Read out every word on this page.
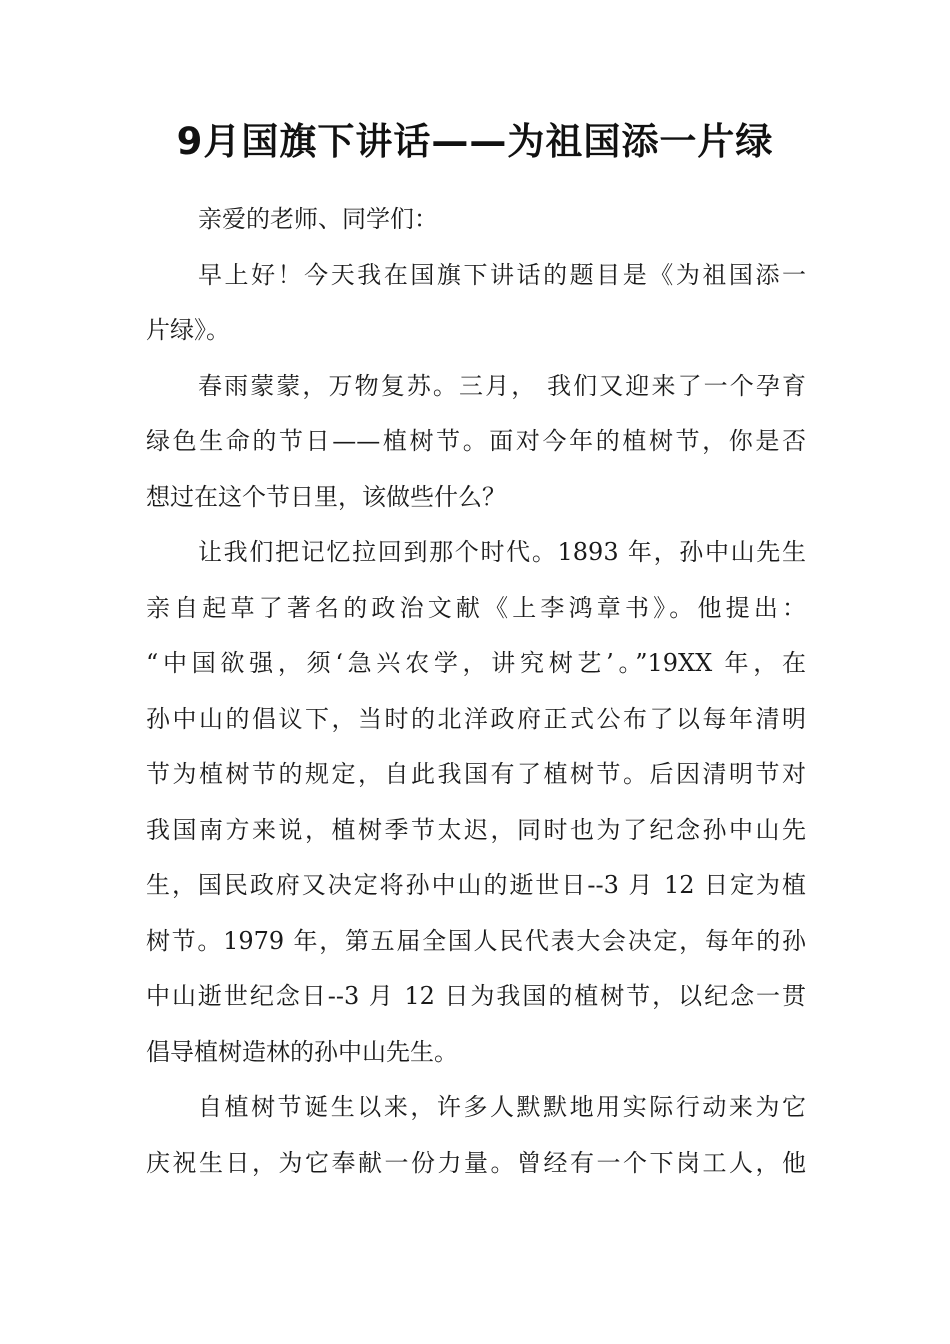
9月国旗下讲话——为祖国添一片绿

亲爱的老师、同学们：

早上好！今天我在国旗下讲话的题目是《为祖国添一
片绿》。

春雨蒙蒙，万物复苏。三月， 我们又迎来了一个孕育
绿色生命的节日——植树节。面对今年的植树节，你是否
想过在这个节日里，该做些什么？

让我们把记忆拉回到那个时代。1893 年，孙中山先生
亲自起草了著名的政治文献《上李鸿章书》。他提出：
“中国欲强，须‘急兴农学，讲究树艺’。”19XX 年，在
孙中山的倡议下，当时的北洋政府正式公布了以每年清明
节为植树节的规定，自此我国有了植树节。后因清明节对
我国南方来说，植树季节太迟，同时也为了纪念孙中山先
生，国民政府又决定将孙中山的逝世日--3 月 12 日定为植
树节。1979 年，第五届全国人民代表大会决定，每年的孙
中山逝世纪念日--3 月 12 日为我国的植树节，以纪念一贯
倡导植树造林的孙中山先生。

自植树节诞生以来，许多人默默地用实际行动来为它
庆祝生日，为它奉献一份力量。曾经有一个下岗工人，他
